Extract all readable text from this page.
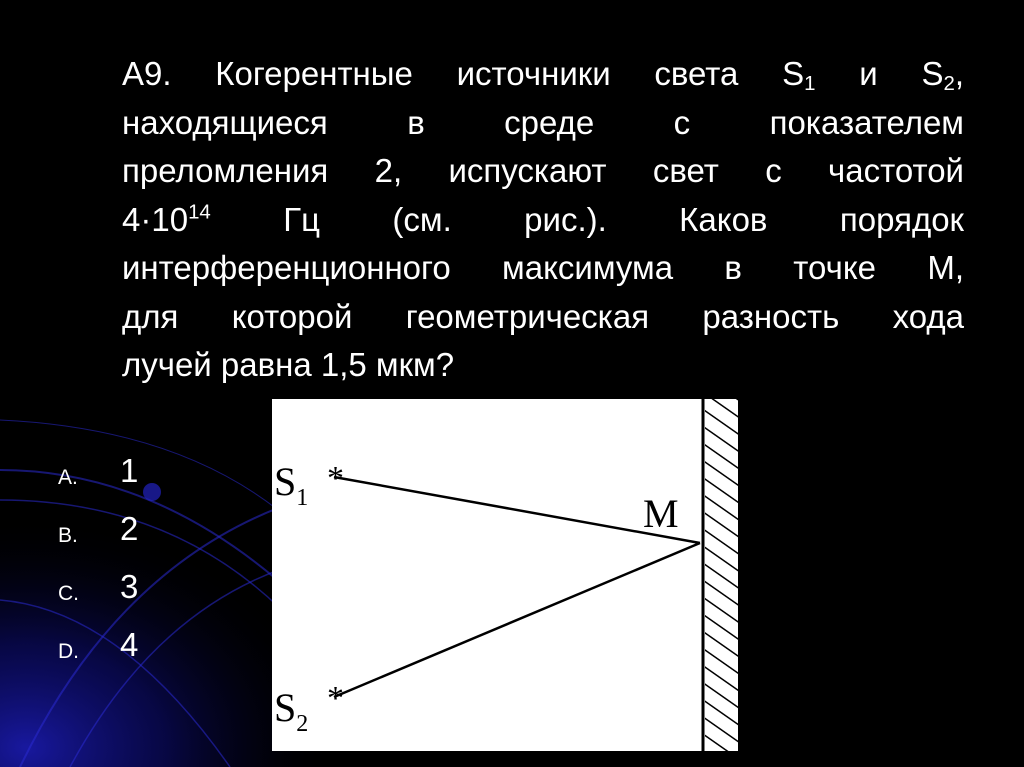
А9. Когерентные источники света $S_1$ и $S_2$,
находящиеся в среде с показателем
преломления 2, испускают свет с частотой
$4\cdot 10^{14}$ Гц (см. рис.). Каков порядок
интерференционного максимума в точке М,
для которой геометрическая разность хода
лучей равна 1,5 мкм?
A.	1
B.	2
C.	3
D.	4
$S_1$
*
$S_2$
*
M
